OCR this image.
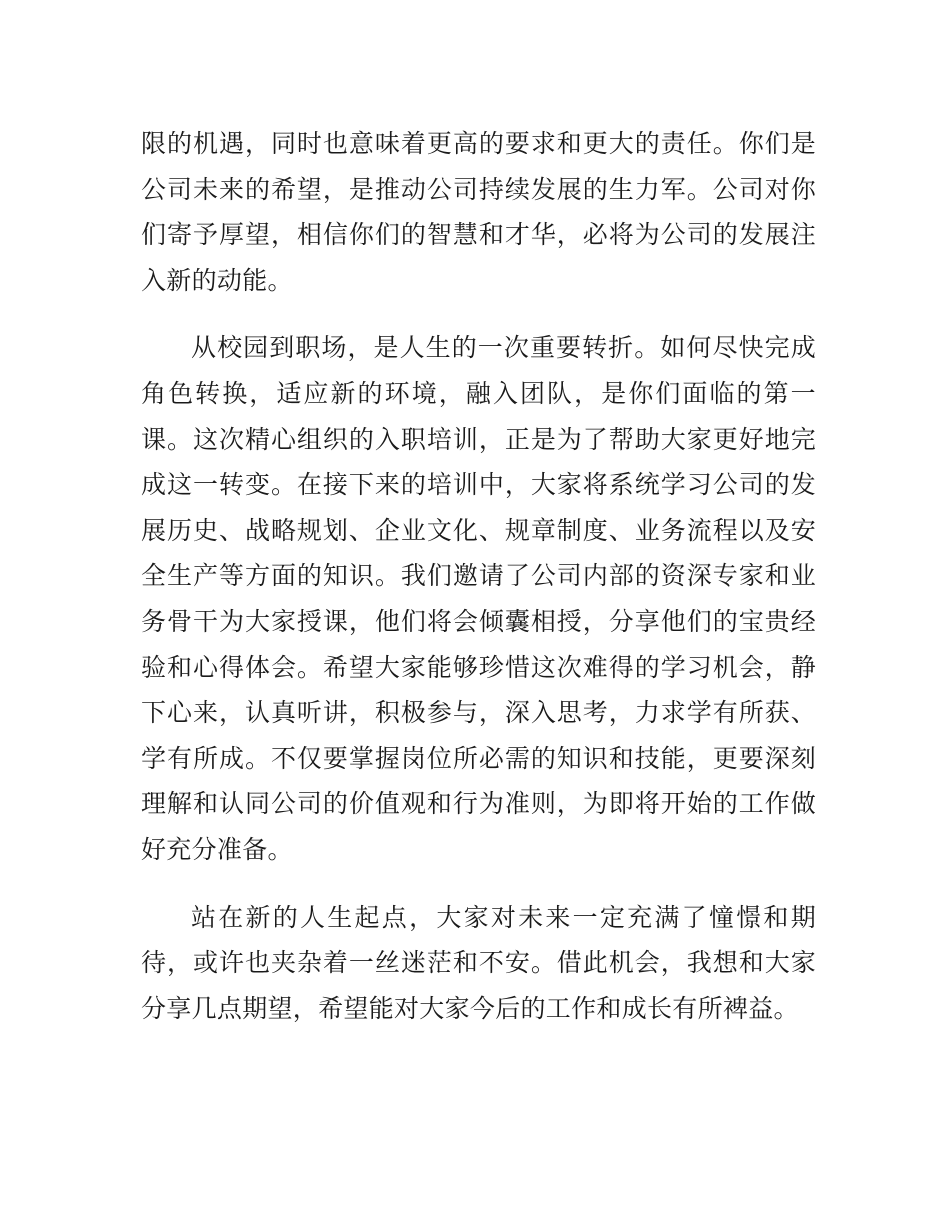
限的机遇，同时也意味着更高的要求和更大的责任。你们是公司未来的希望，是推动公司持续发展的生力军。公司对你们寄予厚望，相信你们的智慧和才华，必将为公司的发展注入新的动能。

从校园到职场，是人生的一次重要转折。如何尽快完成角色转换，适应新的环境，融入团队，是你们面临的第一课。这次精心组织的入职培训，正是为了帮助大家更好地完成这一转变。在接下来的培训中，大家将系统学习公司的发展历史、战略规划、企业文化、规章制度、业务流程以及安全生产等方面的知识。我们邀请了公司内部的资深专家和业务骨干为大家授课，他们将会倾囊相授，分享他们的宝贵经验和心得体会。希望大家能够珍惜这次难得的学习机会，静下心来，认真听讲，积极参与，深入思考，力求学有所获、学有所成。不仅要掌握岗位所必需的知识和技能，更要深刻理解和认同公司的价值观和行为准则，为即将开始的工作做好充分准备。

站在新的人生起点，大家对未来一定充满了憧憬和期待，或许也夹杂着一丝迷茫和不安。借此机会，我想和大家分享几点期望，希望能对大家今后的工作和成长有所裨益。
